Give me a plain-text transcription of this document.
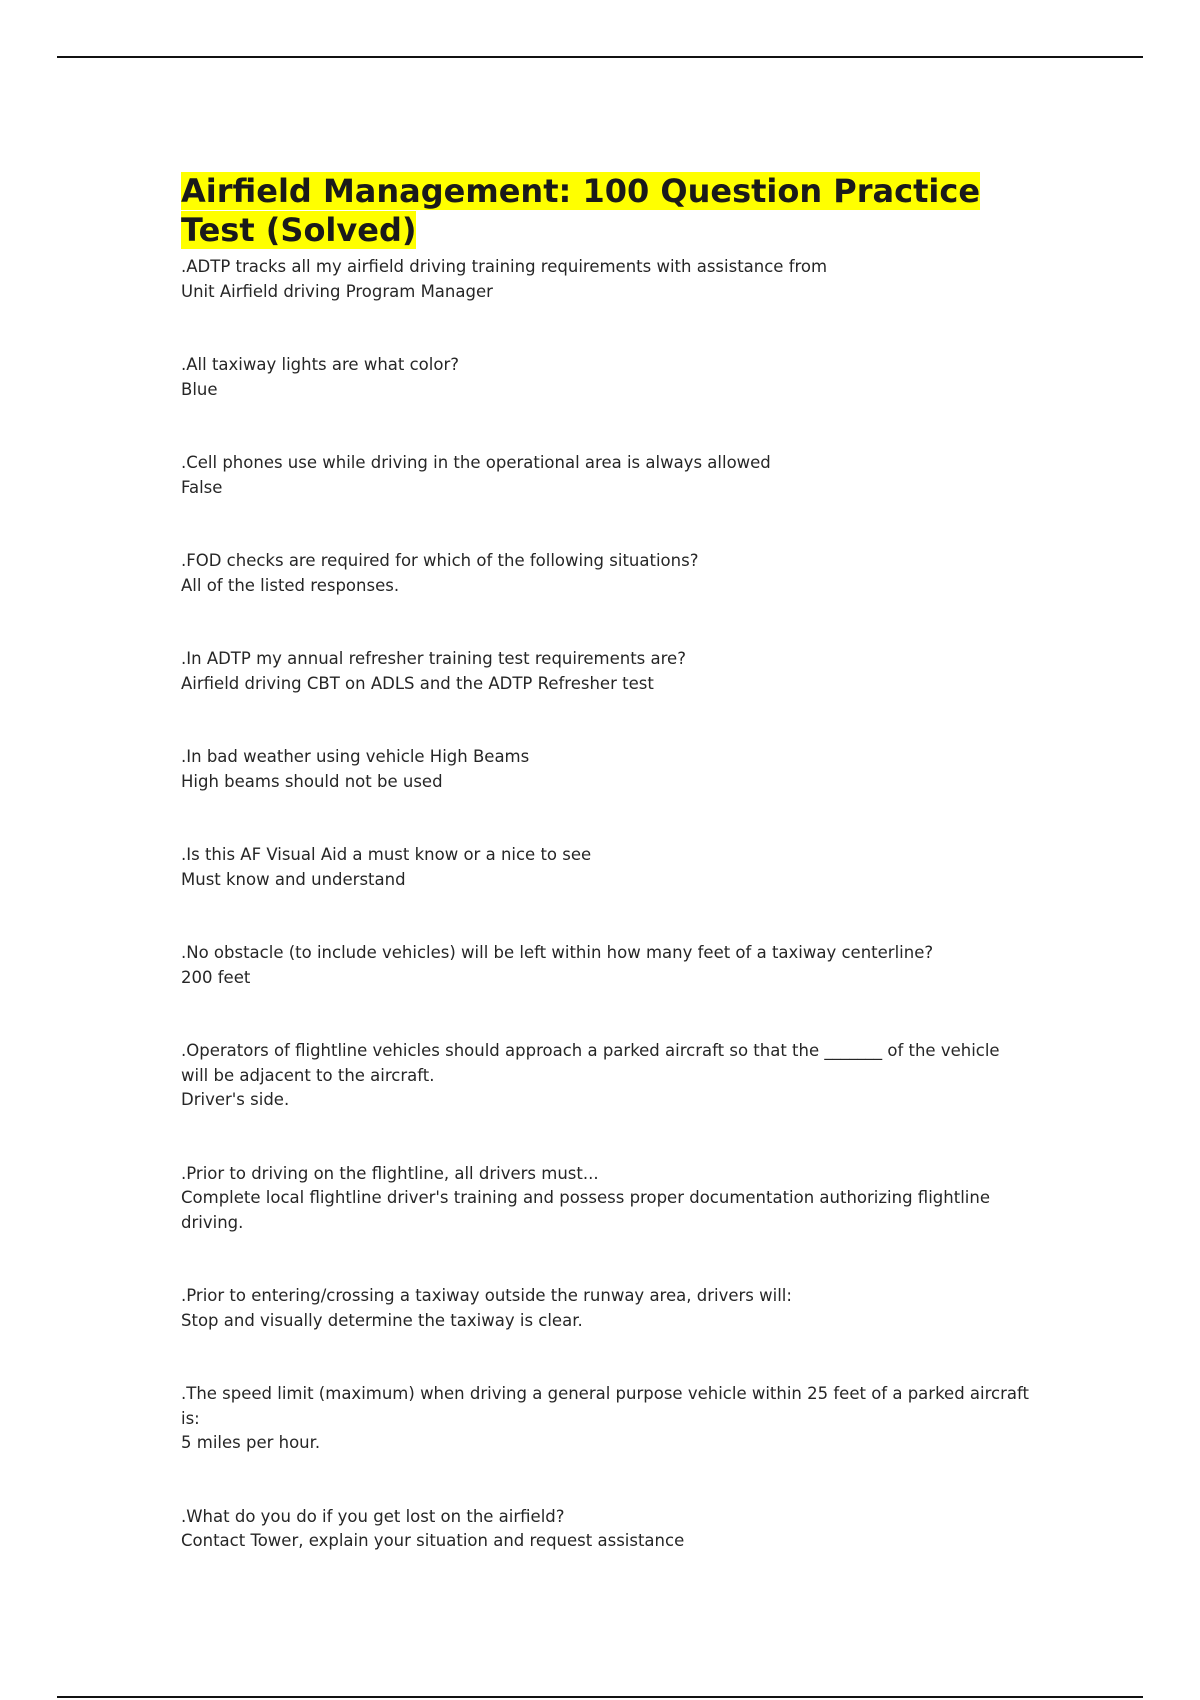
Airfield Management: 100 Question Practice Test (Solved)
.ADTP tracks all my airfield driving training requirements with assistance from
Unit Airfield driving Program Manager
.All taxiway lights are what color?
Blue
.Cell phones use while driving in the operational area is always allowed
False
.FOD checks are required for which of the following situations?
All of the listed responses.
.In ADTP my annual refresher training test requirements are?
Airfield driving CBT on ADLS and the ADTP Refresher test
.In bad weather using vehicle High Beams
High beams should not be used
.Is this AF Visual Aid a must know or a nice to see
Must know and understand
.No obstacle (to include vehicles) will be left within how many feet of a taxiway centerline?
200 feet
.Operators of flightline vehicles should approach a parked aircraft so that the _______ of the vehicle will be adjacent to the aircraft.
Driver's side.
.Prior to driving on the flightline, all drivers must...
Complete local flightline driver's training and possess proper documentation authorizing flightline driving.
.Prior to entering/crossing a taxiway outside the runway area, drivers will:
Stop and visually determine the taxiway is clear.
.The speed limit (maximum) when driving a general purpose vehicle within 25 feet of a parked aircraft is:
5 miles per hour.
.What do you do if you get lost on the airfield?
Contact Tower, explain your situation and request assistance
